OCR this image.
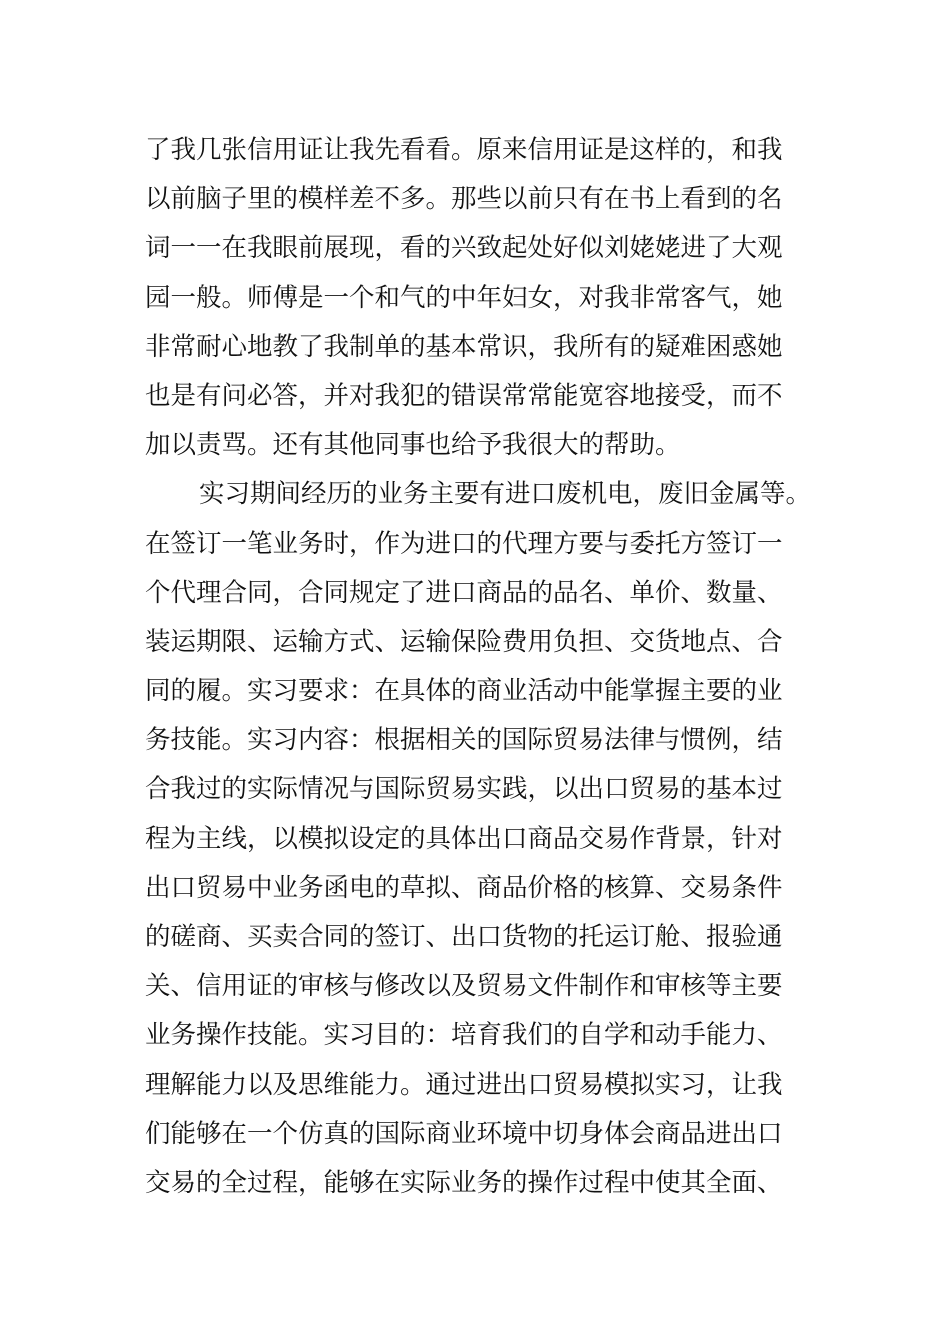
了我几张信用证让我先看看。原来信用证是这样的，和我
以前脑子里的模样差不多。那些以前只有在书上看到的名
词一一在我眼前展现，看的兴致起处好似刘姥姥进了大观
园一般。师傅是一个和气的中年妇女，对我非常客气，她
非常耐心地教了我制单的基本常识，我所有的疑难困惑她
也是有问必答，并对我犯的错误常常能宽容地接受，而不
加以责骂。还有其他同事也给予我很大的帮助。
实习期间经历的业务主要有进口废机电，废旧金属等。
在签订一笔业务时，作为进口的代理方要与委托方签订一
个代理合同，合同规定了进口商品的品名、单价、数量、
装运期限、运输方式、运输保险费用负担、交货地点、合
同的履。实习要求：在具体的商业活动中能掌握主要的业
务技能。实习内容：根据相关的国际贸易法律与惯例，结
合我过的实际情况与国际贸易实践，以出口贸易的基本过
程为主线，以模拟设定的具体出口商品交易作背景，针对
出口贸易中业务函电的草拟、商品价格的核算、交易条件
的磋商、买卖合同的签订、出口货物的托运订舱、报验通
关、信用证的审核与修改以及贸易文件制作和审核等主要
业务操作技能。实习目的：培育我们的自学和动手能力、
理解能力以及思维能力。通过进出口贸易模拟实习，让我
们能够在一个仿真的国际商业环境中切身体会商品进出口
交易的全过程，能够在实际业务的操作过程中使其全面、
